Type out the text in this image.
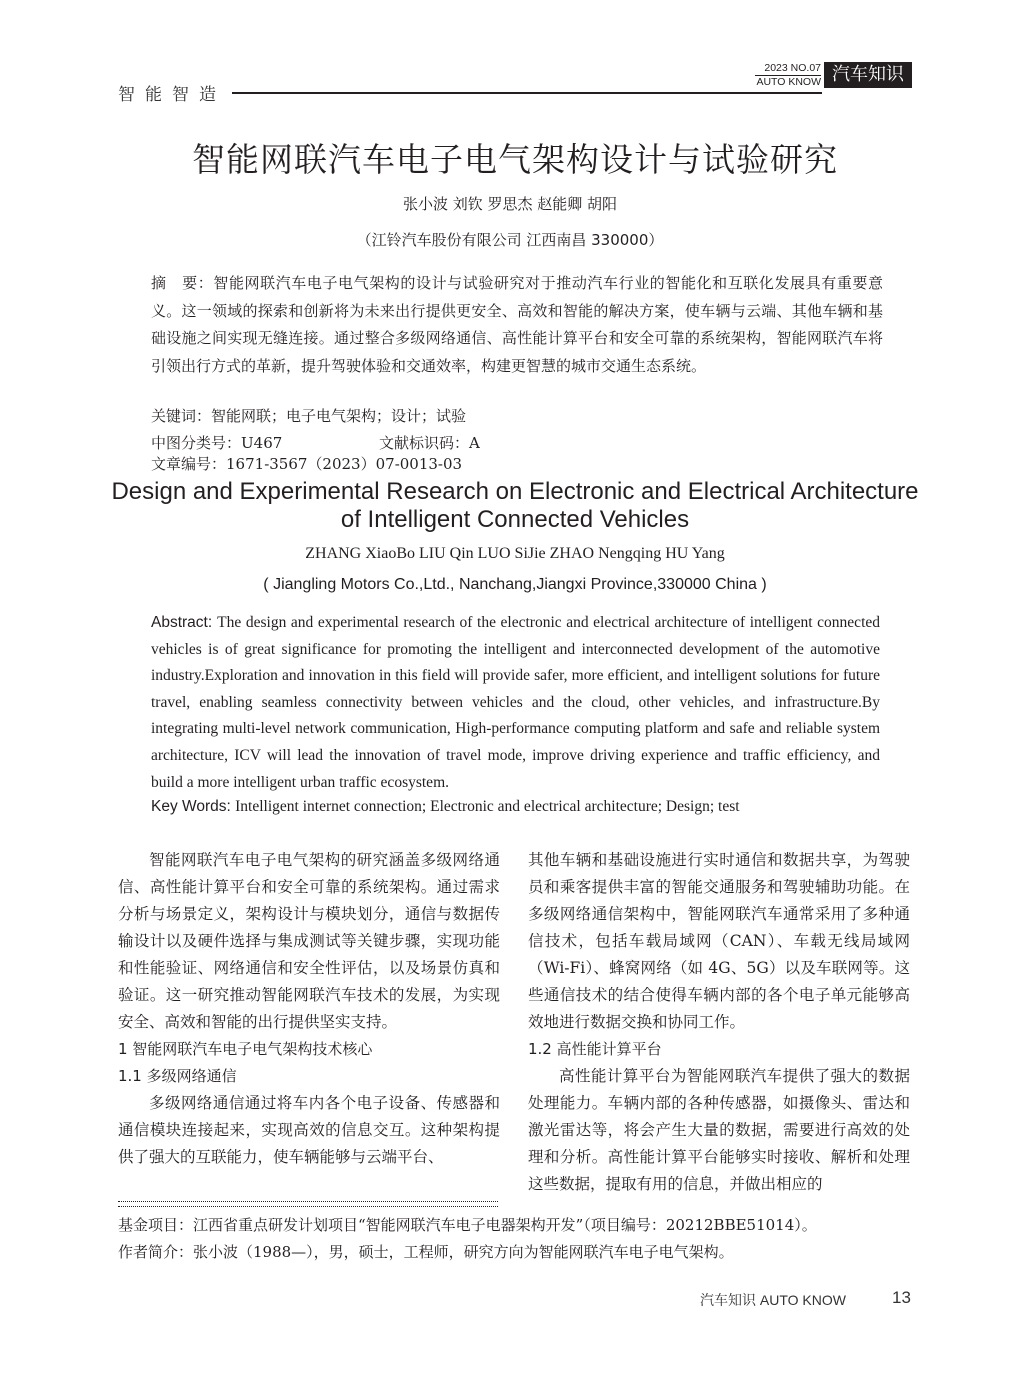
智能智造
2023 NO.07
AUTO KNOW 汽车知识
智能网联汽车电子电气架构设计与试验研究
张小波 刘钦 罗思杰 赵能卿 胡阳
（江铃汽车股份有限公司 江西南昌 330000）
摘　要：智能网联汽车电子电气架构的设计与试验研究对于推动汽车行业的智能化和互联化发展具有重要意义。这一领域的探索和创新将为未来出行提供更安全、高效和智能的解决方案，使车辆与云端、其他车辆和基础设施之间实现无缝连接。通过整合多级网络通信、高性能计算平台和安全可靠的系统架构，智能网联汽车将引领出行方式的革新，提升驾驶体验和交通效率，构建更智慧的城市交通生态系统。
关键词：智能网联；电子电气架构；设计；试验
中图分类号：U467	文献标识码：A文章编号：1671-3567（2023）07-0013-03
Design and Experimental Research on Electronic and Electrical Architecture of Intelligent Connected Vehicles
ZHANG XiaoBo LIU Qin LUO SiJie ZHAO Nengqing HU Yang
( Jiangling Motors Co.,Ltd., Nanchang,Jiangxi Province,330000 China )
Abstract: The design and experimental research of the electronic and electrical architecture of intelligent connected vehicles is of great significance for promoting the intelligent and interconnected development of the automotive industry.Exploration and innovation in this field will provide safer, more efficient, and intelligent solutions for future travel, enabling seamless connectivity between vehicles and the cloud, other vehicles, and infrastructure.By integrating multi-level network communication, High-performance computing platform and safe and reliable system architecture, ICV will lead the innovation of travel mode, improve driving experience and traffic efficiency, and build a more intelligent urban traffic ecosystem.
Key Words: Intelligent internet connection; Electronic and electrical architecture; Design; test

智能网联汽车电子电气架构的研究涵盖多级网络通信、高性能计算平台和安全可靠的系统架构。通过需求分析与场景定义，架构设计与模块划分，通信与数据传输设计以及硬件选择与集成测试等关键步骤，实现功能和性能验证、网络通信和安全性评估，以及场景仿真和验证。这一研究推动智能网联汽车技术的发展，为实现安全、高效和智能的出行提供坚实支持。

1 智能网联汽车电子电气架构技术核心
1.1 多级网络通信

多级网络通信通过将车内各个电子设备、传感器和通信模块连接起来，实现高效的信息交互。这种架构提供了强大的互联能力，使车辆能够与云端平台、

其他车辆和基础设施进行实时通信和数据共享，为驾驶员和乘客提供丰富的智能交通服务和驾驶辅助功能。在多级网络通信架构中，智能网联汽车通常采用了多种通信技术，包括车载局域网（CAN）、车载无线局域网（Wi-Fi）、蜂窝网络（如 4G、5G）以及车联网等。这些通信技术的结合使得车辆内部的各个电子单元能够高效地进行数据交换和协同工作。

1.2 高性能计算平台

高性能计算平台为智能网联汽车提供了强大的数据处理能力。车辆内部的各种传感器，如摄像头、雷达和激光雷达等，将会产生大量的数据，需要进行高效的处理和分析。高性能计算平台能够实时接收、解析和处理这些数据，提取有用的信息，并做出相应的

基金项目：江西省重点研发计划项目“智能网联汽车电子电器架构开发”（项目编号：20212BBE51014）。
作者简介：张小波（1988—），男，硕士，工程师，研究方向为智能网联汽车电子电气架构。
汽车知识 AUTO KNOW	13
